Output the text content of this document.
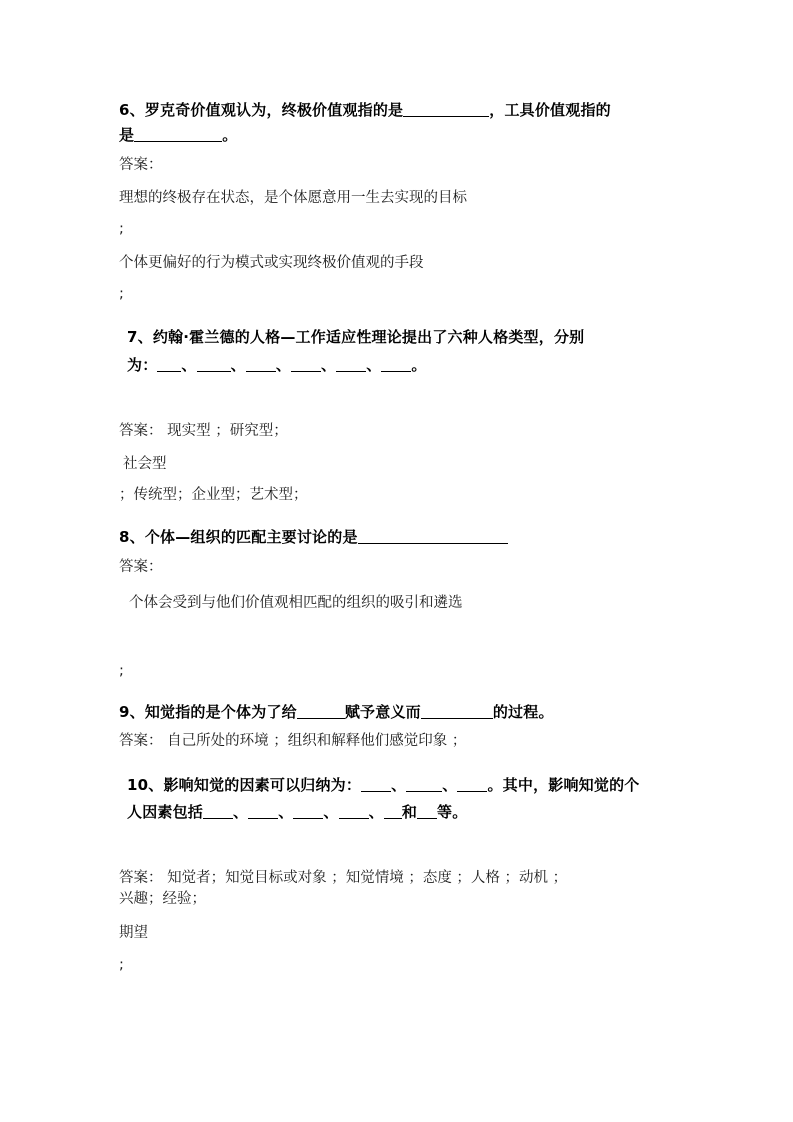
6、罗克奇价值观认为，终极价值观指的是	，工具价值观指的
是	。
答案：
理想的终极存在状态，是个体愿意用一生去实现的目标
;
个体更偏好的行为模式或实现终极价值观的手段
;
7、约翰·霍兰德的人格—工作适应性理论提出了六种人格类型，分别
为： 、 、 、 、 、 。
答案： 现实型 ；研究型；
社会型
；传统型；企业型；艺术型；
8、个体—组织的匹配主要讨论的是
答案：
个体会受到与他们价值观相匹配的组织的吸引和遴选
;
9、知觉指的是个体为了给	赋予意义而	的过程。
答案： 自己所处的环境 ；组织和解释他们感觉印象 ；
10、影响知觉的因素可以归纳为： 、 、 。其中，影响知觉的个
人因素包括 、 、 、 、 和 等。
答案： 知觉者；知觉目标或对象 ；知觉情境 ；态度 ；人格 ；动机 ；
兴趣；经验；
期望
;
